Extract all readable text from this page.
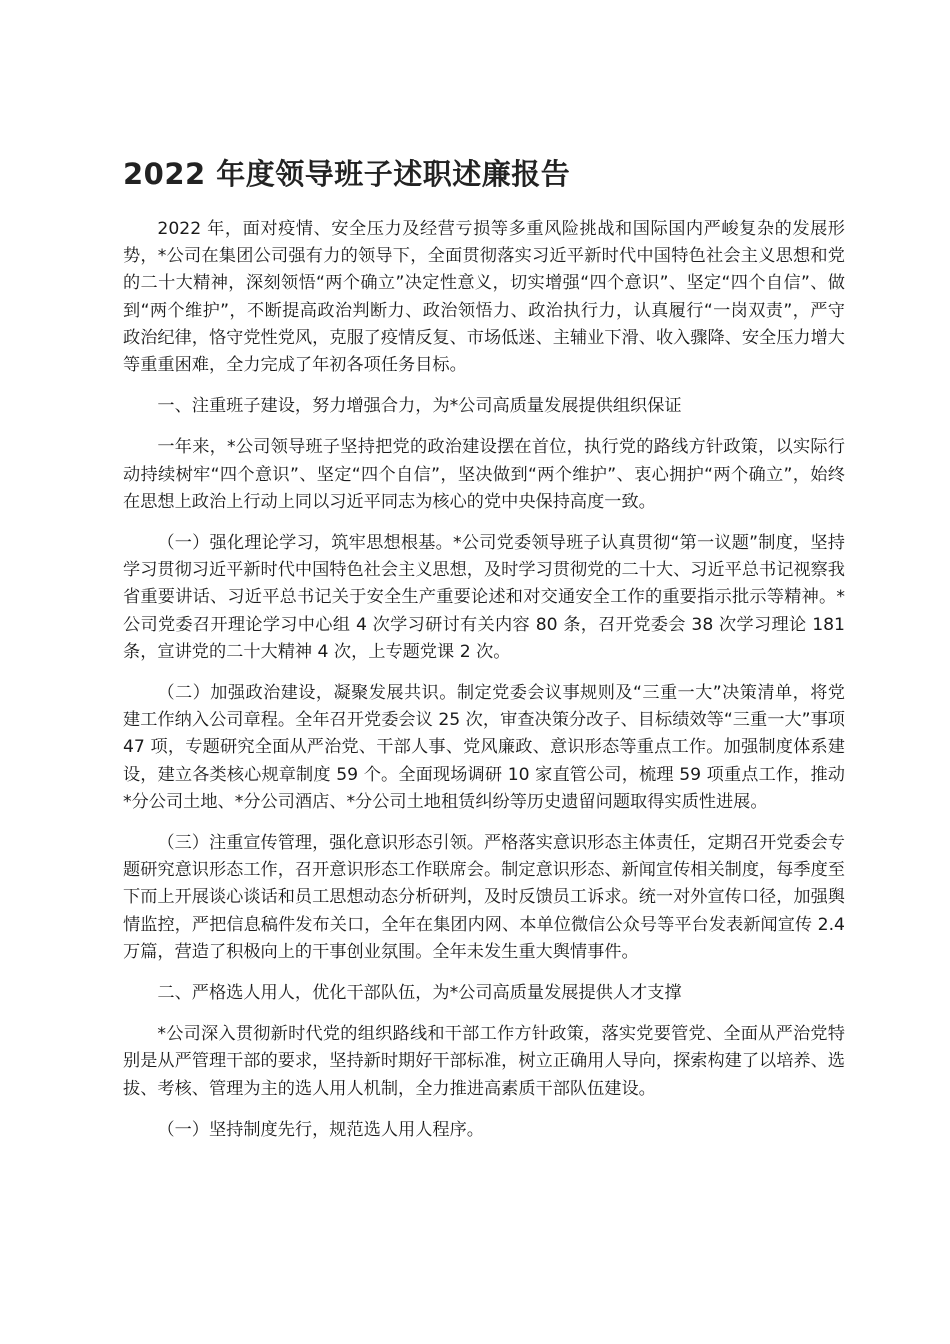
2022 年度领导班子述职述廉报告

2022 年，面对疫情、安全压力及经营亏损等多重风险挑战和国际国内严峻复杂的发展形势，*公司在集团公司强有力的领导下，全面贯彻落实习近平新时代中国特色社会主义思想和党的二十大精神，深刻领悟“两个确立”决定性意义，切实增强“四个意识”、坚定“四个自信”、做到“两个维护”，不断提高政治判断力、政治领悟力、政治执行力，认真履行“一岗双责”，严守政治纪律，恪守党性党风，克服了疫情反复、市场低迷、主辅业下滑、收入骤降、安全压力增大等重重困难，全力完成了年初各项任务目标。

一、注重班子建设，努力增强合力，为*公司高质量发展提供组织保证

一年来，*公司领导班子坚持把党的政治建设摆在首位，执行党的路线方针政策，以实际行动持续树牢“四个意识”、坚定“四个自信”，坚决做到“两个维护”、衷心拥护“两个确立”，始终在思想上政治上行动上同以习近平同志为核心的党中央保持高度一致。

（一）强化理论学习，筑牢思想根基。*公司党委领导班子认真贯彻“第一议题”制度，坚持学习贯彻习近平新时代中国特色社会主义思想，及时学习贯彻党的二十大、习近平总书记视察我省重要讲话、习近平总书记关于安全生产重要论述和对交通安全工作的重要指示批示等精神。*公司党委召开理论学习中心组 4 次学习研讨有关内容 80 条，召开党委会 38 次学习理论 181 条，宣讲党的二十大精神 4 次，上专题党课 2 次。

（二）加强政治建设，凝聚发展共识。制定党委会议事规则及“三重一大”决策清单，将党建工作纳入公司章程。全年召开党委会议 25 次，审查决策分改子、目标绩效等“三重一大”事项 47 项，专题研究全面从严治党、干部人事、党风廉政、意识形态等重点工作。加强制度体系建设，建立各类核心规章制度 59 个。全面现场调研 10 家直管公司，梳理 59 项重点工作，推动*分公司土地、*分公司酒店、*分公司土地租赁纠纷等历史遗留问题取得实质性进展。

（三）注重宣传管理，强化意识形态引领。严格落实意识形态主体责任，定期召开党委会专题研究意识形态工作，召开意识形态工作联席会。制定意识形态、新闻宣传相关制度，每季度至下而上开展谈心谈话和员工思想动态分析研判，及时反馈员工诉求。统一对外宣传口径，加强舆情监控，严把信息稿件发布关口，全年在集团内网、本单位微信公众号等平台发表新闻宣传 2.4 万篇，营造了积极向上的干事创业氛围。全年未发生重大舆情事件。

二、严格选人用人，优化干部队伍，为*公司高质量发展提供人才支撑

*公司深入贯彻新时代党的组织路线和干部工作方针政策，落实党要管党、全面从严治党特别是从严管理干部的要求，坚持新时期好干部标准，树立正确用人导向，探索构建了以培养、选拔、考核、管理为主的选人用人机制，全力推进高素质干部队伍建设。

（一）坚持制度先行，规范选人用人程序。
